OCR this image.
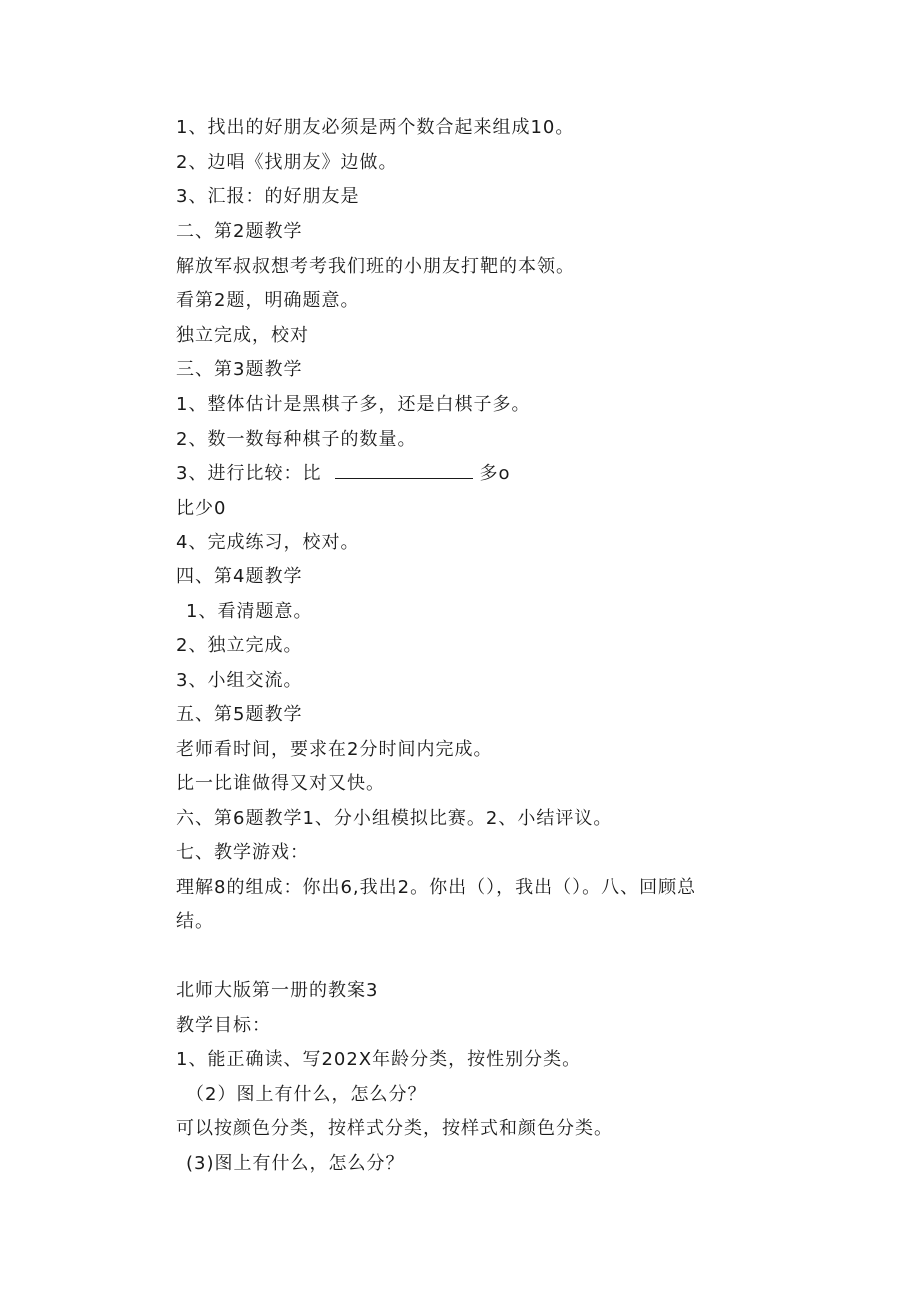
1、找出的好朋友必须是两个数合起来组成10。
2、边唱《找朋友》边做。
3、汇报：的好朋友是
二、第2题教学
解放军叔叔想考考我们班的小朋友打靶的本领。
看第2题，明确题意。
独立完成，校对
三、第3题教学
1、整体估计是黑棋子多，还是白棋子多。
2、数一数每种棋子的数量。
3、进行比较：比	多o
比少0
4、完成练习，校对。
四、第4题教学
1、看清题意。
2、独立完成。
3、小组交流。
五、第5题教学
老师看时间，要求在2分时间内完成。
比一比谁做得又对又快。
六、第6题教学1、分小组模拟比赛。2、小结评议。
七、教学游戏：
理解8的组成：你出6,我出2。你出（），我出（）。八、回顾总
结。
北师大版第一册的教案3
教学目标：
1、能正确读、写202X年龄分类，按性别分类。
（2）图上有什么，怎么分？
可以按颜色分类，按样式分类，按样式和颜色分类。
(3)图上有什么，怎么分？
